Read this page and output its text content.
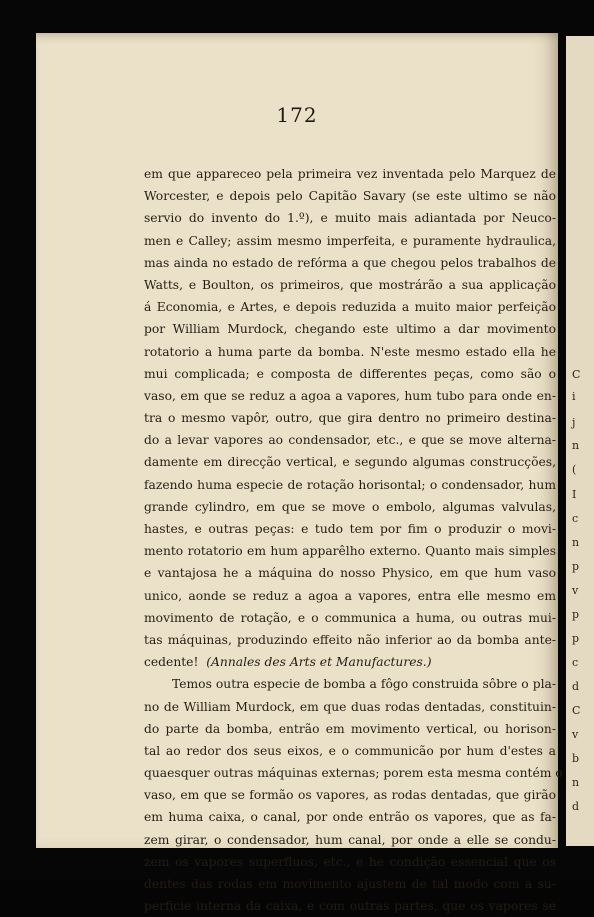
172
em que appareceo pela primeira vez inventada pelo Marquez de
Worcester, e depois pelo Capitão Savary (se este ultimo se não
servio do invento do 1.º), e muito mais adiantada por Neuco-
men e Calley; assim mesmo imperfeita, e puramente hydraulica,
mas ainda no estado de refórma a que chegou pelos trabalhos de
Watts, e Boulton, os primeiros, que mostrárão a sua applicação
á Economia, e Artes, e depois reduzida a muito maior perfeição
por William Murdock, chegando este ultimo a dar movimento
rotatorio a huma parte da bomba. N'este mesmo estado ella he
mui complicada; e composta de differentes peças, como são o
vaso, em que se reduz a agoa a vapores, hum tubo para onde en-
tra o mesmo vapôr, outro, que gira dentro no primeiro destina-
do a levar vapores ao condensador, etc., e que se move alterna-
damente em direcção vertical, e segundo algumas construcções,
fazendo huma especie de rotação horisontal; o condensador, hum
grande cylindro, em que se move o embolo, algumas valvulas,
hastes, e outras peças: e tudo tem por fim o produzir o movi-
mento rotatorio em hum apparêlho externo. Quanto mais simples
e vantajosa he a máquina do nosso Physico, em que hum vaso
unico, aonde se reduz a agoa a vapores, entra elle mesmo em
movimento de rotação, e o communica a huma, ou outras mui-
tas máquinas, produzindo effeito não inferior ao da bomba ante-
cedente! (Annales des Arts et Manufactures.)
Temos outra especie de bomba a fôgo construida sôbre o pla-
no de William Murdock, em que duas rodas dentadas, constituin-
do parte da bomba, entrão em movimento vertical, ou horison-
tal ao redor dos seus eixos, e o communicão por hum d'estes a
quaesquer outras máquinas externas; porem esta mesma contém o
vaso, em que se formão os vapores, as rodas dentadas, que girão
em huma caixa, o canal, por onde entrão os vapores, que as fa-
zem girar, o condensador, hum canal, por onde a elle se condu-
zem os vapores superfluos, etc., e he condição essencial que os
dentes das rodas em movimento ajustem de tal modo com a su-
perficie interna da caixa, e com outras partes, que os vapores se
C
i
j
n
(
I
c
n
p
v
p
p
c
d
C
v
b
n
d
